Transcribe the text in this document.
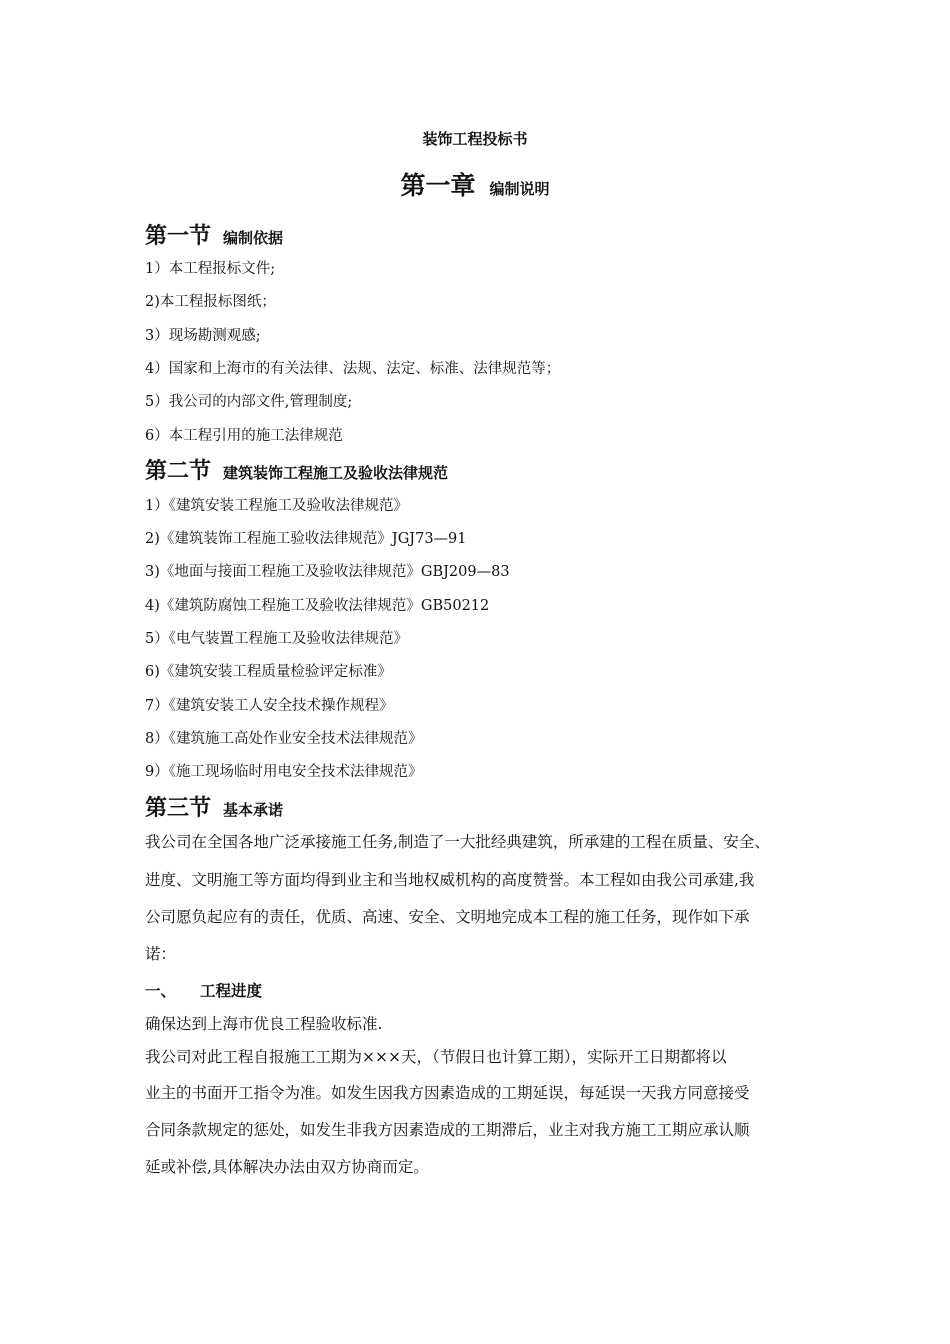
装饰工程投标书
第一章 编制说明
第一节 编制依据
1）本工程报标文件;
2)本工程报标图纸；
3）现场勘测观感;
4）国家和上海市的有关法律、法规、法定、标准、法律规范等；
5）我公司的内部文件,管理制度;
6）本工程引用的施工法律规范
第二节 建筑装饰工程施工及验收法律规范
1）《建筑安装工程施工及验收法律规范》
2)《建筑装饰工程施工验收法律规范》JGJ73—91
3)《地面与接面工程施工及验收法律规范》GBJ209—83
4)《建筑防腐蚀工程施工及验收法律规范》GB50212
5）《电气装置工程施工及验收法律规范》
6)《建筑安装工程质量检验评定标准》
7）《建筑安装工人安全技术操作规程》
8）《建筑施工高处作业安全技术法律规范》
9）《施工现场临时用电安全技术法律规范》
第三节 基本承诺
我公司在全国各地广泛承接施工任务,制造了一大批经典建筑，所承建的工程在质量、安全、
进度、文明施工等方面均得到业主和当地权威机构的高度赞誉。本工程如由我公司承建,我
公司愿负起应有的责任，优质、高速、安全、文明地完成本工程的施工任务，现作如下承
诺：
一、 工程进度
确保达到上海市优良工程验收标准.
我公司对此工程自报施工工期为×××天，（节假日也计算工期），实际开工日期都将以
业主的书面开工指令为准。如发生因我方因素造成的工期延误，每延误一天我方同意接受
合同条款规定的惩处，如发生非我方因素造成的工期滞后，业主对我方施工工期应承认顺
延或补偿,具体解决办法由双方协商而定。
